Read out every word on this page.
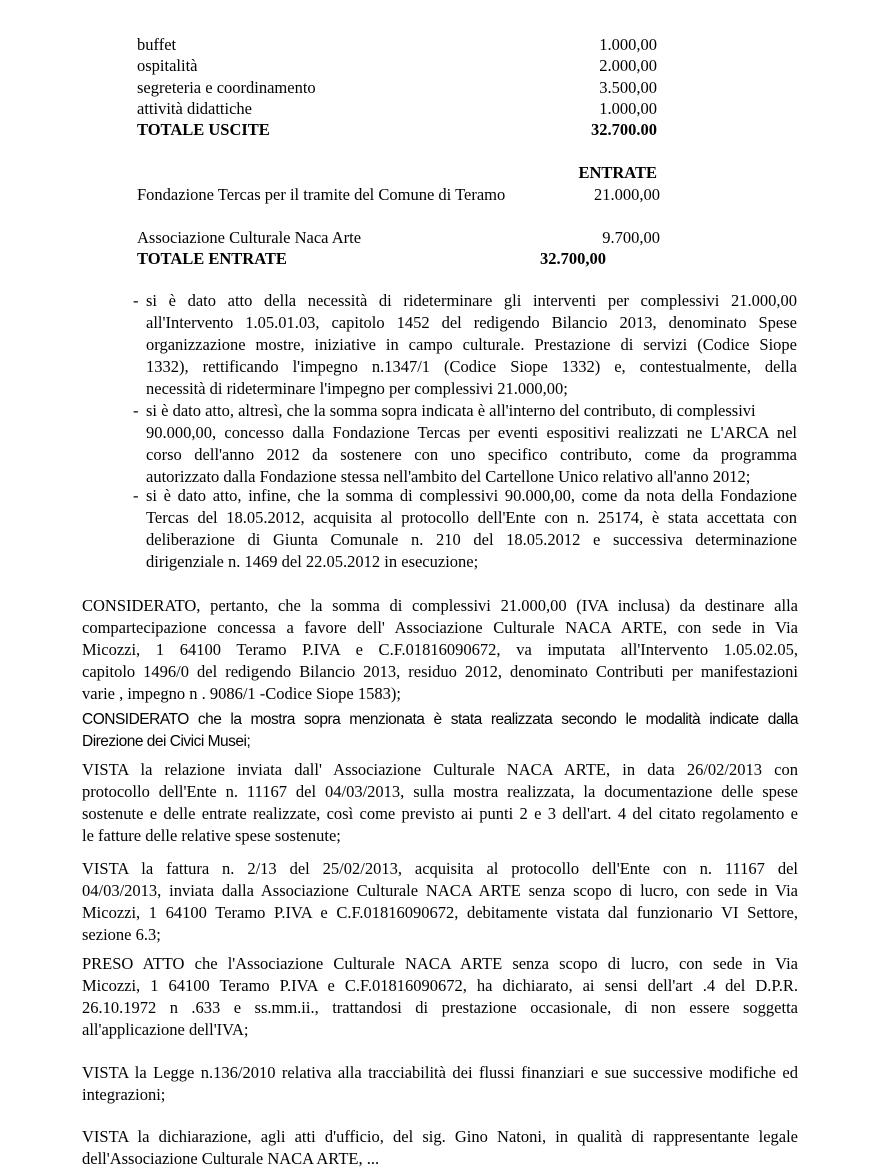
buffet	1.000,00
ospitalità	2.000,00
segreteria e coordinamento	3.500,00
attività didattiche	1.000,00
TOTALE USCITE	32.700.00
ENTRATE
Fondazione Tercas per il tramite del Comune di Teramo	21.000,00
Associazione Culturale Naca Arte	9.700,00
TOTALE ENTRATE	32.700,00
- si è dato atto della necessità di rideterminare gli interventi per complessivi 21.000,00
all'Intervento 1.05.01.03, capitolo 1452 del redigendo Bilancio 2013, denominato Spese
organizzazione mostre, iniziative in campo culturale. Prestazione di servizi (Codice Siope
1332), rettificando l'impegno n.1347/1 (Codice Siope 1332) e, contestualmente, della
necessità di rideterminare l'impegno per complessivi 21.000,00;
- si è dato atto, altresì, che la somma sopra indicata è all'interno del contributo, di complessivi
90.000,00, concesso dalla Fondazione Tercas per eventi espositivi realizzati ne L'ARCA nel
corso dell'anno 2012 da sostenere con uno specifico contributo, come da programma
autorizzato dalla Fondazione stessa nell'ambito del Cartellone Unico relativo all'anno 2012;
- si è dato atto, infine, che la somma di complessivi 90.000,00, come da nota della Fondazione
Tercas del 18.05.2012, acquisita al protocollo dell'Ente con n. 25174, è stata accettata con
deliberazione di Giunta Comunale n. 210 del 18.05.2012 e successiva determinazione
dirigenziale n. 1469 del 22.05.2012 in esecuzione;
CONSIDERATO, pertanto, che la somma di complessivi 21.000,00 (IVA inclusa) da destinare alla
compartecipazione concessa a favore dell' Associazione Culturale NACA ARTE, con sede in Via
Micozzi, 1 64100 Teramo P.IVA e C.F.01816090672, va imputata all'Intervento 1.05.02.05,
capitolo 1496/0 del redigendo Bilancio 2013, residuo 2012, denominato Contributi per manifestazioni
varie , impegno n . 9086/1 -Codice Siope 1583);
CONSIDERATO che la mostra sopra menzionata è stata realizzata secondo le modalità indicate dalla
Direzione dei Civici Musei;
VISTA la relazione inviata dall' Associazione Culturale NACA ARTE, in data 26/02/2013 con
protocollo dell'Ente n. 11167 del 04/03/2013, sulla mostra realizzata, la documentazione delle spese
sostenute e delle entrate realizzate, così come previsto ai punti 2 e 3 dell'art. 4 del citato regolamento e
le fatture delle relative spese sostenute;
VISTA la fattura n. 2/13 del 25/02/2013, acquisita al protocollo dell'Ente con n. 11167 del
04/03/2013, inviata dalla Associazione Culturale NACA ARTE senza scopo di lucro, con sede in Via
Micozzi, 1 64100 Teramo P.IVA e C.F.01816090672, debitamente vistata dal funzionario VI Settore,
sezione 6.3;
PRESO ATTO che l'Associazione Culturale NACA ARTE senza scopo di lucro, con sede in Via
Micozzi, 1 64100 Teramo P.IVA e C.F.01816090672, ha dichiarato, ai sensi dell'art .4 del D.P.R.
26.10.1972 n .633 e ss.mm.ii., trattandosi di prestazione occasionale, di non essere soggetta
all'applicazione dell'IVA;
VISTA la Legge n.136/2010 relativa alla tracciabilità dei flussi finanziari e sue successive modifiche ed
integrazioni;
VISTA la dichiarazione, agli atti d'ufficio, del sig. Gino Natoni, in qualità di rappresentante legale
dell'Associazione Culturale NACA ARTE, ...
